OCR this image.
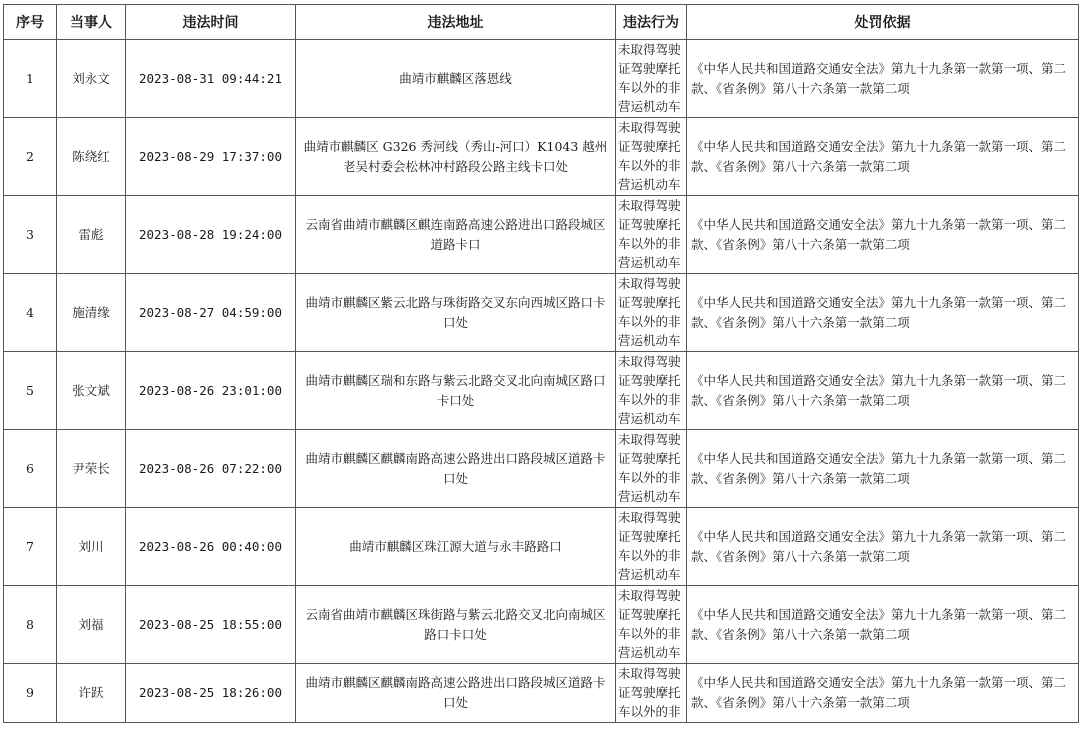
序号	当事人	违法时间	违法地址	违法行为	处罚依据
1	刘永文	2023-08-31 09:44:21	曲靖市麒麟区落恩线	未取得驾驶证驾驶摩托车以外的非营运机动车	《中华人民共和国道路交通安全法》第九十九条第一款第一项、第二款、《省条例》第八十六条第一款第二项
2	陈绕红	2023-08-29 17:37:00	曲靖市麒麟区 G326 秀河线（秀山-河口）K1043 越州老吴村委会松林冲村路段公路主线卡口处	未取得驾驶证驾驶摩托车以外的非营运机动车	《中华人民共和国道路交通安全法》第九十九条第一款第一项、第二款、《省条例》第八十六条第一款第二项
3	雷彪	2023-08-28 19:24:00	云南省曲靖市麒麟区麒连南路高速公路进出口路段城区道路卡口	未取得驾驶证驾驶摩托车以外的非营运机动车	《中华人民共和国道路交通安全法》第九十九条第一款第一项、第二款、《省条例》第八十六条第一款第二项
4	施清缘	2023-08-27 04:59:00	曲靖市麒麟区紫云北路与珠街路交叉东向西城区路口卡口处	未取得驾驶证驾驶摩托车以外的非营运机动车	《中华人民共和国道路交通安全法》第九十九条第一款第一项、第二款、《省条例》第八十六条第一款第二项
5	张文斌	2023-08-26 23:01:00	曲靖市麒麟区瑞和东路与紫云北路交叉北向南城区路口卡口处	未取得驾驶证驾驶摩托车以外的非营运机动车	《中华人民共和国道路交通安全法》第九十九条第一款第一项、第二款、《省条例》第八十六条第一款第二项
6	尹荣长	2023-08-26 07:22:00	曲靖市麒麟区麒麟南路高速公路进出口路段城区道路卡口处	未取得驾驶证驾驶摩托车以外的非营运机动车	《中华人民共和国道路交通安全法》第九十九条第一款第一项、第二款、《省条例》第八十六条第一款第二项
7	刘川	2023-08-26 00:40:00	曲靖市麒麟区珠江源大道与永丰路路口	未取得驾驶证驾驶摩托车以外的非营运机动车	《中华人民共和国道路交通安全法》第九十九条第一款第一项、第二款、《省条例》第八十六条第一款第二项
8	刘福	2023-08-25 18:55:00	云南省曲靖市麒麟区珠街路与紫云北路交叉北向南城区路口卡口处	未取得驾驶证驾驶摩托车以外的非营运机动车	《中华人民共和国道路交通安全法》第九十九条第一款第一项、第二款、《省条例》第八十六条第一款第二项
9	许跃	2023-08-25 18:26:00	曲靖市麒麟区麒麟南路高速公路进出口路段城区道路卡口处	未取得驾驶证驾驶摩托车以外的非	《中华人民共和国道路交通安全法》第九十九条第一款第一项、第二款、《省条例》第八十六条第一款第二项
